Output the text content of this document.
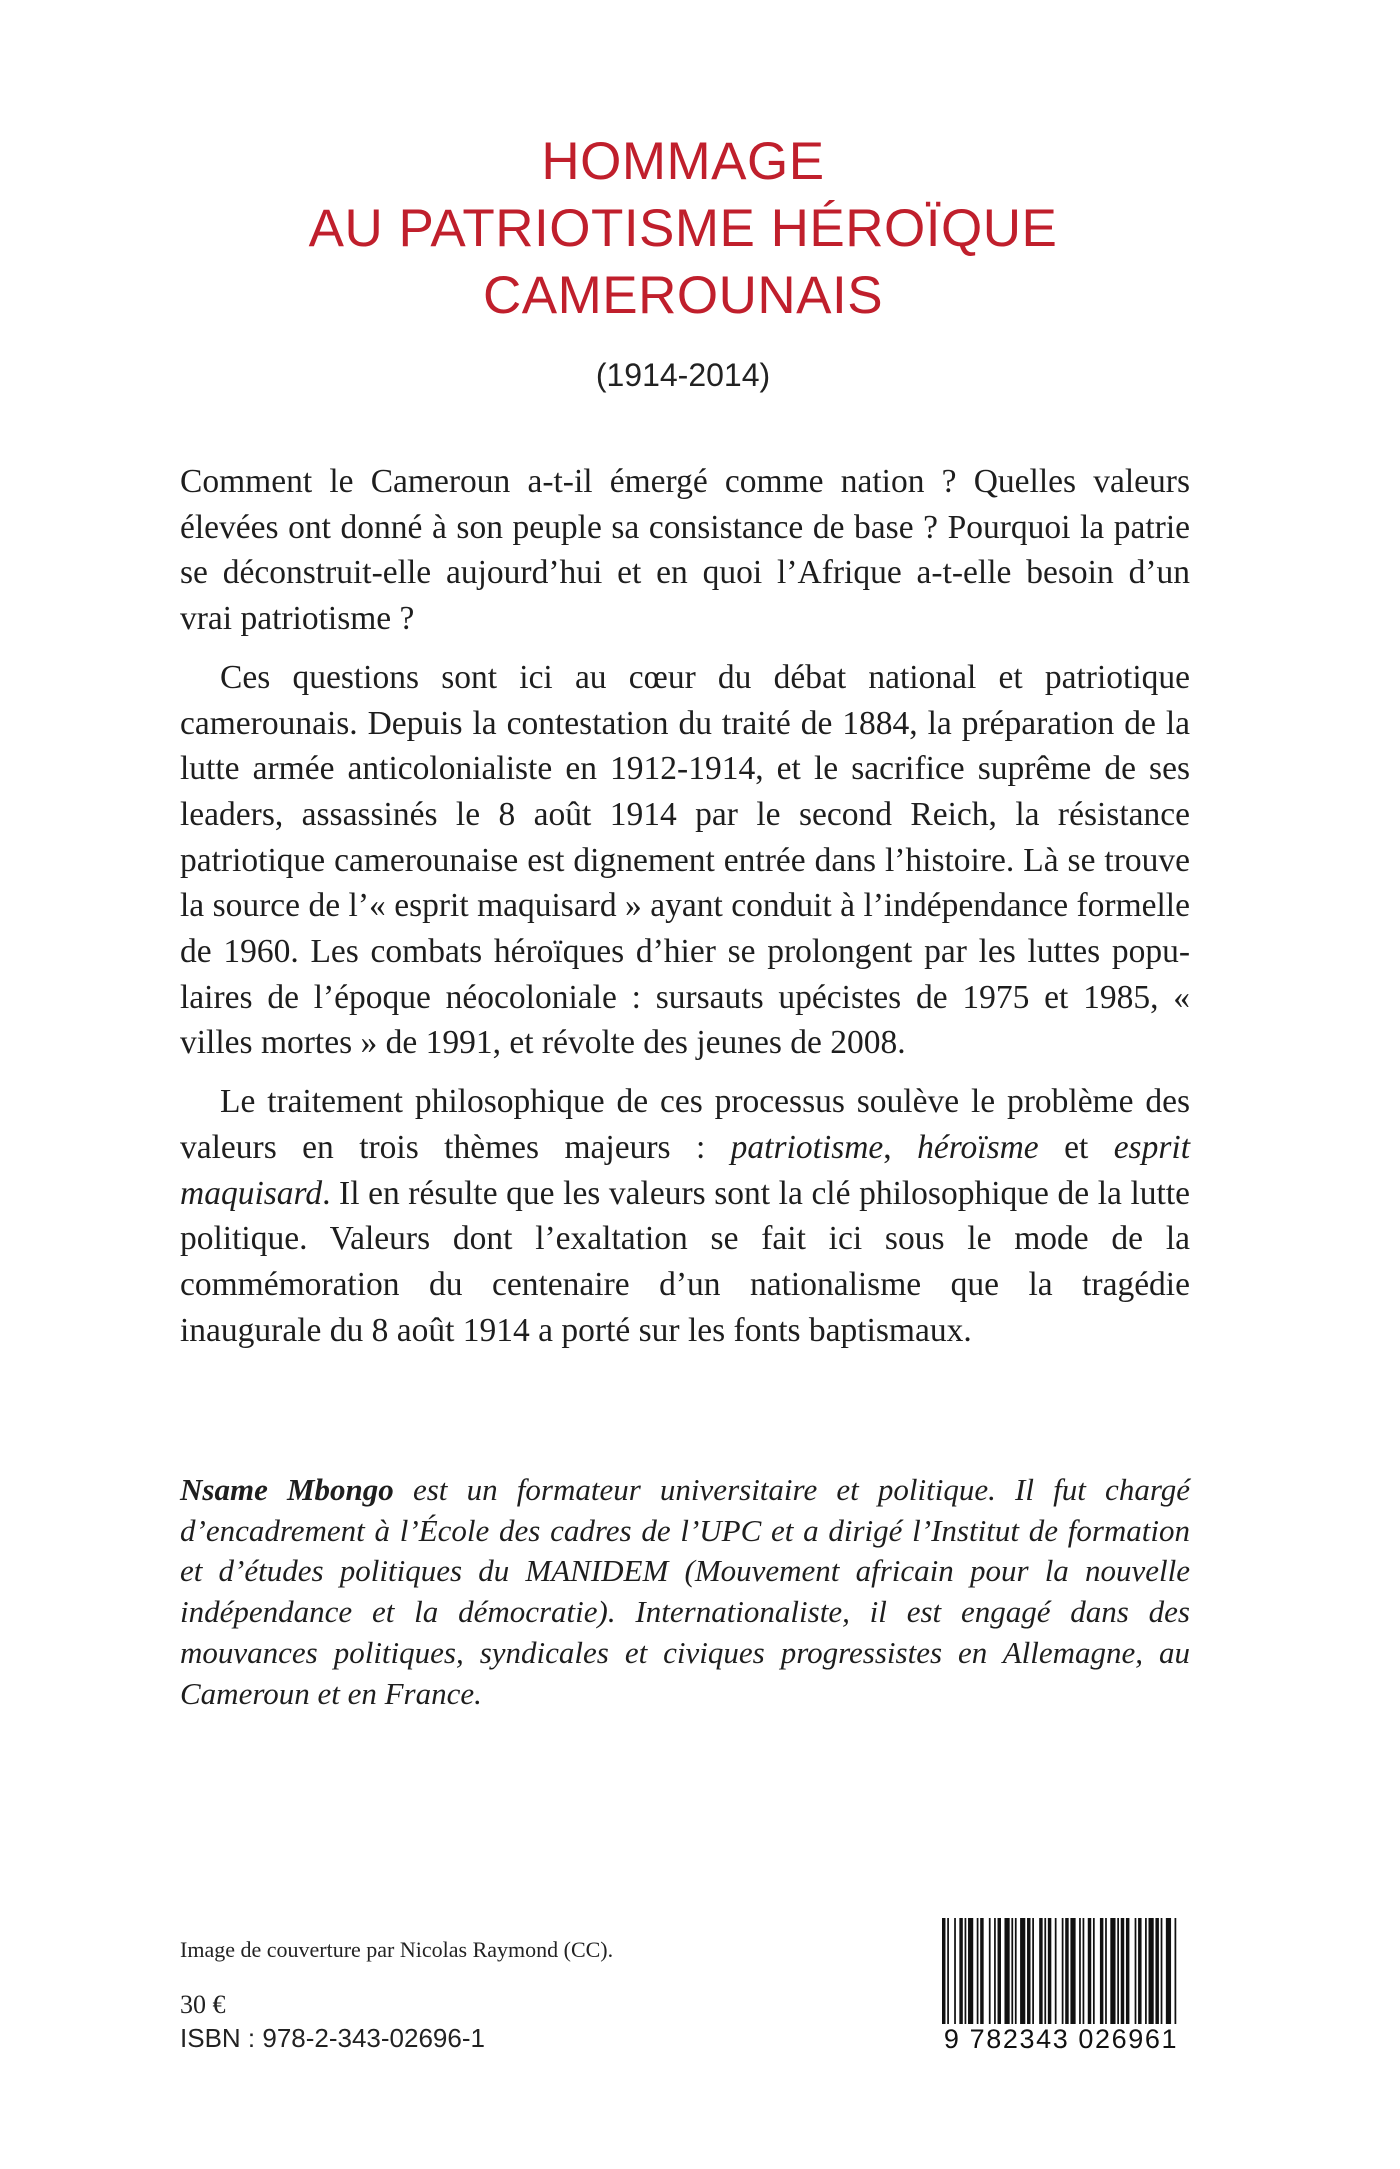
HOMMAGE
AU PATRIOTISME HÉROÏQUE
CAMEROUNAIS
(1914-2014)

Comment le Cameroun a-t-il émergé comme nation ? Quelles valeurs élevées ont donné à son peuple sa consistance de base ? Pourquoi la patrie se déconstruit-elle aujourd’hui et en quoi l’Afrique a-t-elle besoin d’un vrai patriotisme ?

Ces questions sont ici au cœur du débat national et patriotique camerounais. Depuis la contestation du traité de 1884, la préparation de la lutte armée anticolonialiste en 1912-1914, et le sacrifice suprême de ses leaders, assassinés le 8 août 1914 par le second Reich, la résistance patriotique camerounaise est dignement entrée dans l’histoire. Là se trouve la source de l’« esprit maquisard » ayant conduit à l’indépendance formelle de 1960. Les combats héroïques d’hier se prolongent par les luttes populaires de l’époque néocoloniale : sursauts upécistes de 1975 et 1985, « villes mortes » de 1991, et révolte des jeunes de 2008.

Le traitement philosophique de ces processus soulève le problème des valeurs en trois thèmes majeurs : patriotisme, héroïsme et esprit maquisard. Il en résulte que les valeurs sont la clé philosophique de la lutte politique. Valeurs dont l’exaltation se fait ici sous le mode de la commémoration du centenaire d’un nationalisme que la tragédie inaugurale du 8 août 1914 a porté sur les fonts baptismaux.

Nsame Mbongo est un formateur universitaire et politique. Il fut chargé d’encadrement à l’École des cadres de l’UPC et a dirigé l’Institut de formation et d’études politiques du MANIDEM (Mouvement africain pour la nouvelle indépendance et la démocratie). Internationaliste, il est engagé dans des mouvances politiques, syndicales et civiques progressistes en Allemagne, au Cameroun et en France.
Image de couverture par Nicolas Raymond (CC).
30 €
ISBN : 978-2-343-02696-1	9 782343 026961
